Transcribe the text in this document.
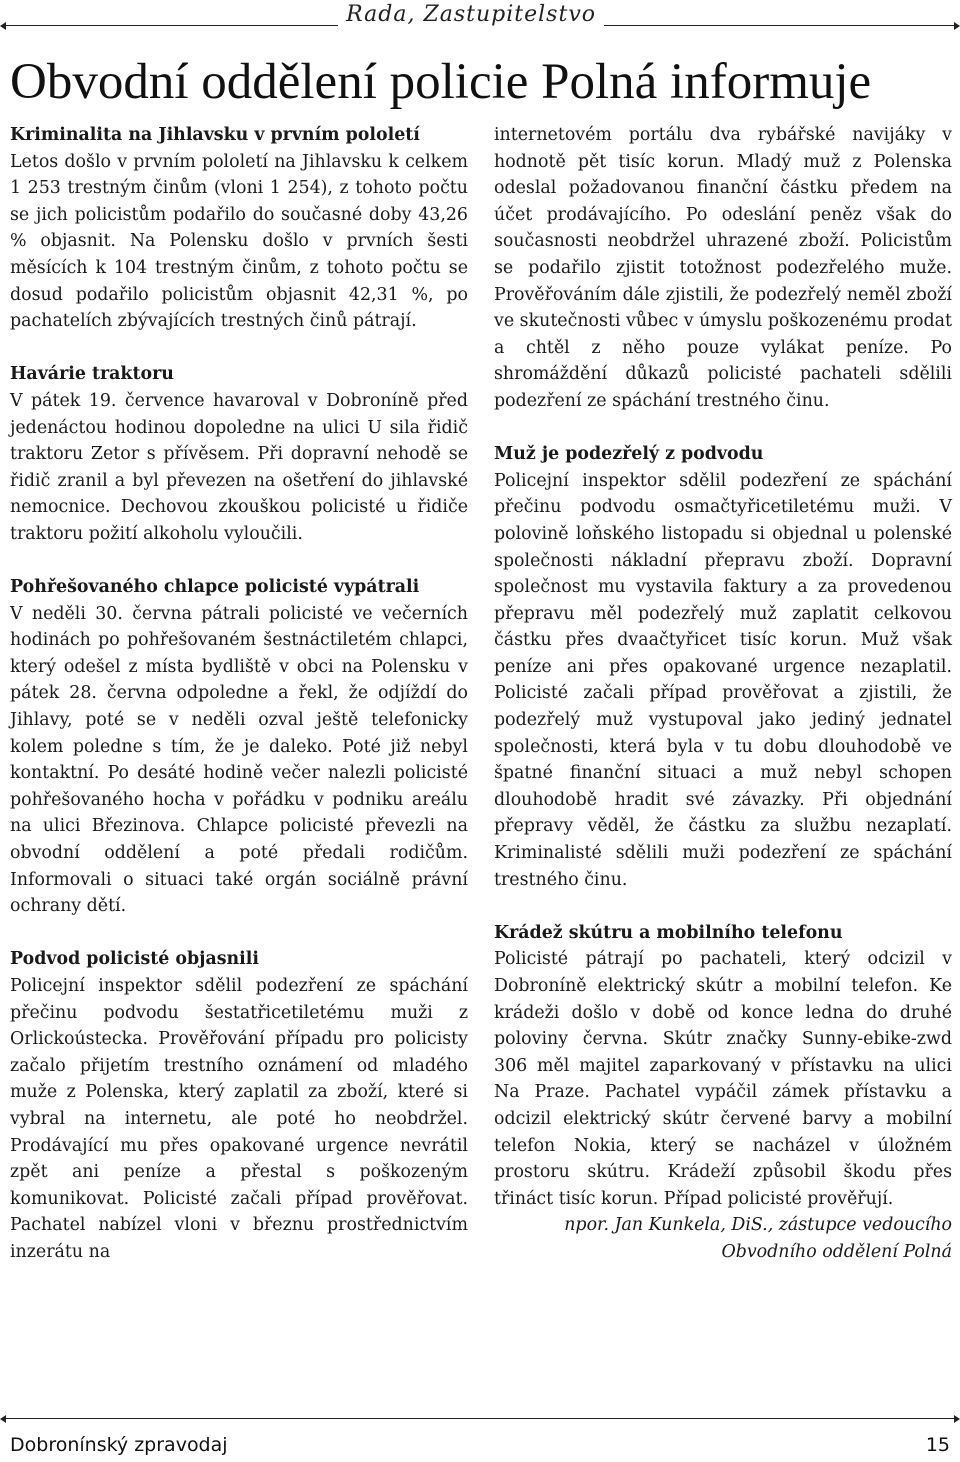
Rada, Zastupitelstvo
Obvodní oddělení policie Polná informuje
Kriminalita na Jihlavsku v prvním pololetí

Letos došlo v prvním pololetí na Jihlavsku k celkem 1 253 trestným činům (vloni 1 254), z tohoto počtu se jich policistům podařilo do současné doby 43,26 % objasnit. Na Polensku došlo v prvních šesti měsících k 104 trestným činům, z tohoto počtu se dosud podařilo policistům objasnit 42,31 %, po pachatelích zbývajících trestných činů pátrají.

Havárie traktoru

V pátek 19. července havaroval v Dobroníně před jedenáctou hodinou dopoledne na ulici U sila řidič traktoru Zetor s přívěsem. Při dopravní nehodě se řidič zranil a byl převezen na ošetření do jihlavské nemocnice. Dechovou zkouškou policisté u řidiče traktoru požití alkoholu vyloučili.

Pohřešovaného chlapce policisté vypátrali

V neděli 30. června pátrali policisté ve večerních hodinách po pohřešovaném šestnáctiletém chlapci, který odešel z místa bydliště v obci na Polensku v pátek 28. června odpoledne a řekl, že odjíždí do Jihlavy, poté se v neděli ozval ještě telefonicky kolem poledne s tím, že je daleko. Poté již nebyl kontaktní. Po desáté hodině večer nalezli policisté pohřešovaného hocha v pořádku v podniku areálu na ulici Březinova. Chlapce policisté převezli na obvodní oddělení a poté předali rodičům. Informovali o situaci také orgán sociálně právní ochrany dětí.

Podvod policisté objasnili

Policejní inspektor sdělil podezření ze spáchání přečinu podvodu šestatřicetiletému muži z Orlickoústecka. Prověřování případu pro policisty začalo přijetím trestního oznámení od mladého muže z Polenska, který zaplatil za zboží, které si vybral na internetu, ale poté ho neobdržel. Prodávající mu přes opakované urgence nevrátil zpět ani peníze a přestal s poškozeným komunikovat. Policisté začali případ prověřovat. Pachatel nabízel vloni v březnu prostřednictvím inzerátu na

internetovém portálu dva rybářské navijáky v hodnotě pět tisíc korun. Mladý muž z Polenska odeslal požadovanou finanční částku předem na účet prodávajícího. Po odeslání peněz však do současnosti neobdržel uhrazené zboží. Policistům se podařilo zjistit totožnost podezřelého muže. Prověřováním dále zjistili, že podezřelý neměl zboží ve skutečnosti vůbec v úmyslu poškozenému prodat a chtěl z něho pouze vylákat peníze. Po shromáždění důkazů policisté pachateli sdělili podezření ze spáchání trestného činu.

Muž je podezřelý z podvodu

Policejní inspektor sdělil podezření ze spáchání přečinu podvodu osmačtyřicetiletému muži. V polovině loňského listopadu si objednal u polenské společnosti nákladní přepravu zboží. Dopravní společnost mu vystavila faktury a za provedenou přepravu měl podezřelý muž zaplatit celkovou částku přes dvaačtyřicet tisíc korun. Muž však peníze ani přes opakované urgence nezaplatil. Policisté začali případ prověřovat a zjistili, že podezřelý muž vystupoval jako jediný jednatel společnosti, která byla v tu dobu dlouhodobě ve špatné finanční situaci a muž nebyl schopen dlouhodobě hradit své závazky. Při objednání přepravy věděl, že částku za službu nezaplatí. Kriminalisté sdělili muži podezření ze spáchání trestného činu.

Krádež skútru a mobilního telefonu

Policisté pátrají po pachateli, který odcizil v Dobroníně elektrický skútr a mobilní telefon. Ke krádeži došlo v době od konce ledna do druhé poloviny června. Skútr značky Sunny-ebike-zwd 306 měl majitel zaparkovaný v přístavku na ulici Na Praze. Pachatel vypáčil zámek přístavku a odcizil elektrický skútr červené barvy a mobilní telefon Nokia, který se nacházel v úložném prostoru skútru. Krádeží způsobil škodu přes třináct tisíc korun. Případ policisté prověřují.

npor. Jan Kunkela, DiS., zástupce vedoucího

Obvodního oddělení Polná

Dobronínský zpravodaj	15
